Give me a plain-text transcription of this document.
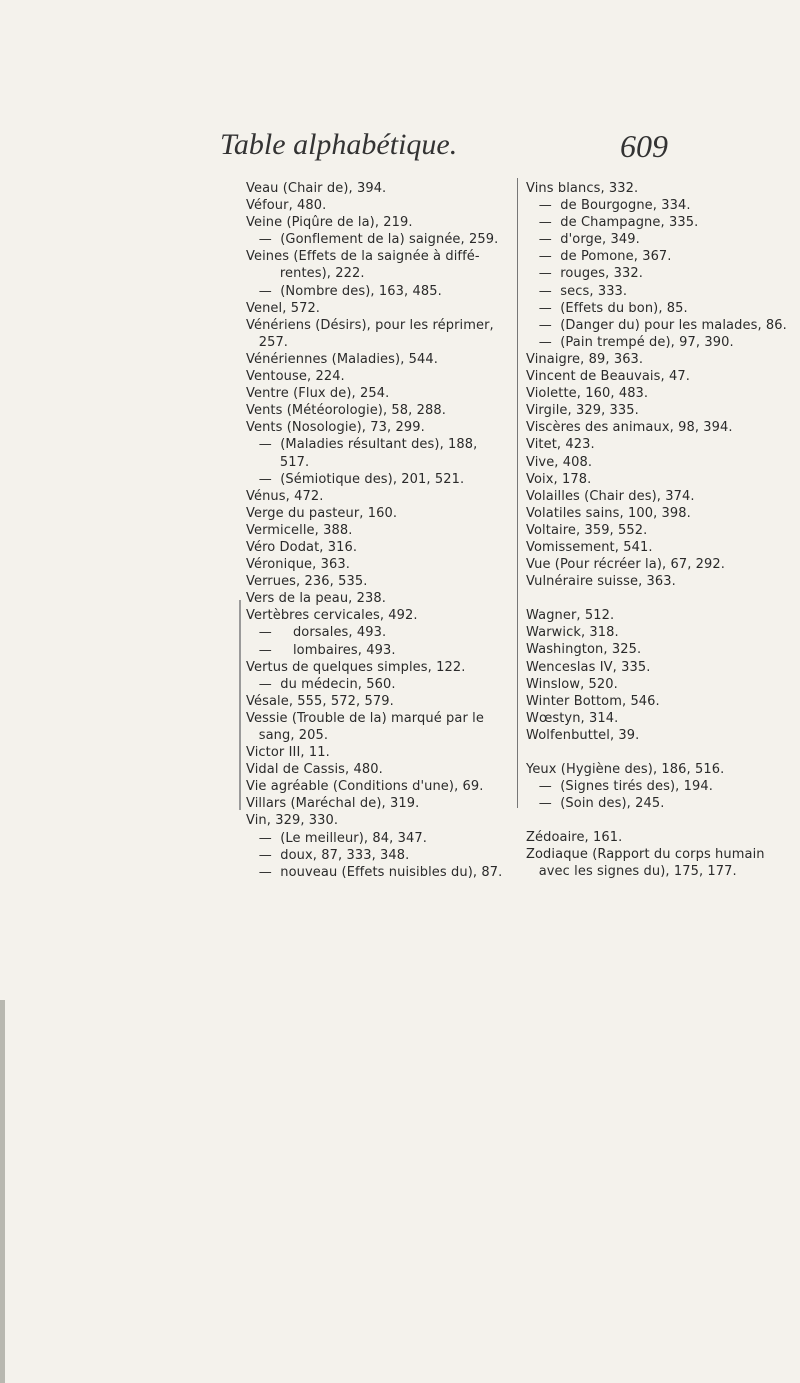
Table alphabétique.	609
Veau (Chair de), 394.
Véfour, 480.
Veine (Piqûre de la), 219.
—  (Gonflement de la) saignée, 259.
Veines (Effets de la saignée à diffé-
rentes), 222.
—  (Nombre des), 163, 485.
Venel, 572.
Vénériens (Désirs), pour les réprimer,
257.
Vénériennes (Maladies), 544.
Ventouse, 224.
Ventre (Flux de), 254.
Vents (Météorologie), 58, 288.
Vents (Nosologie), 73, 299.
—  (Maladies résultant des), 188,
517.
—  (Sémiotique des), 201, 521.
Vénus, 472.
Verge du pasteur, 160.
Vermicelle, 388.
Véro Dodat, 316.
Véronique, 363.
Verrues, 236, 535.
Vers de la peau, 238.
Vertèbres cervicales, 492.
—     dorsales, 493.
—     lombaires, 493.
Vertus de quelques simples, 122.
—  du médecin, 560.
Vésale, 555, 572, 579.
Vessie (Trouble de la) marqué par le
sang, 205.
Victor III, 11.
Vidal de Cassis, 480.
Vie agréable (Conditions d'une), 69.
Villars (Maréchal de), 319.
Vin, 329, 330.
—  (Le meilleur), 84, 347.
—  doux, 87, 333, 348.
—  nouveau (Effets nuisibles du), 87.
Vins blancs, 332.
—  de Bourgogne, 334.
—  de Champagne, 335.
—  d'orge, 349.
—  de Pomone, 367.
—  rouges, 332.
—  secs, 333.
—  (Effets du bon), 85.
—  (Danger du) pour les malades, 86.
—  (Pain trempé de), 97, 390.
Vinaigre, 89, 363.
Vincent de Beauvais, 47.
Violette, 160, 483.
Virgile, 329, 335.
Viscères des animaux, 98, 394.
Vitet, 423.
Vive, 408.
Voix, 178.
Volailles (Chair des), 374.
Volatiles sains, 100, 398.
Voltaire, 359, 552.
Vomissement, 541.
Vue (Pour récréer la), 67, 292.
Vulnéraire suisse, 363.
Wagner, 512.
Warwick, 318.
Washington, 325.
Wenceslas IV, 335.
Winslow, 520.
Winter Bottom, 546.
Wœstyn, 314.
Wolfenbuttel, 39.
Yeux (Hygiène des), 186, 516.
—  (Signes tirés des), 194.
—  (Soin des), 245.
Zédoaire, 161.
Zodiaque (Rapport du corps humain
avec les signes du), 175, 177.
